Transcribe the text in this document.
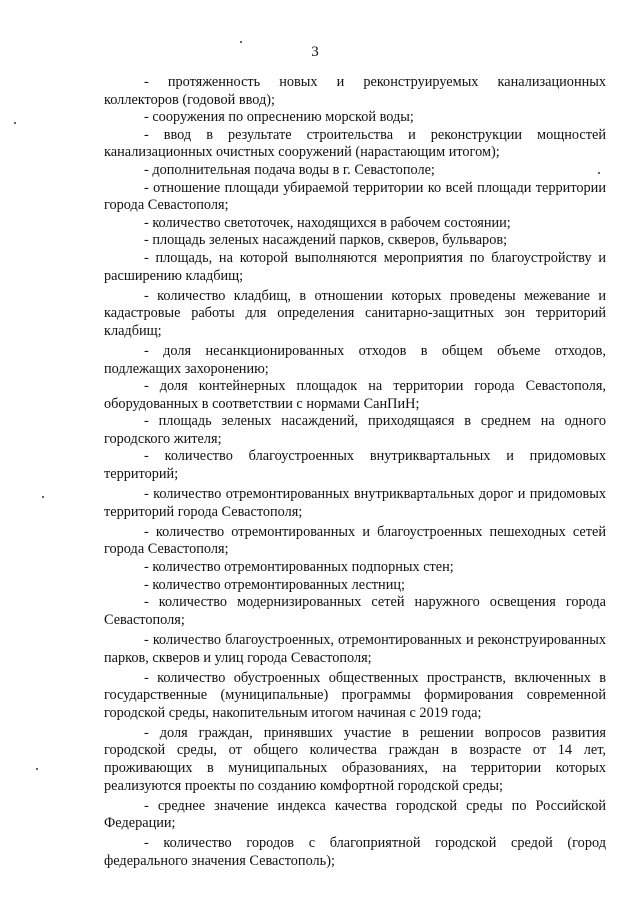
3

- протяженность новых и реконструируемых канализационных коллекторов (годовой ввод);

- сооружения по опреснению морской воды;

- ввод в результате строительства и реконструкции мощностей канализационных очистных сооружений (нарастающим итогом);

- дополнительная подача воды в г. Севастополе;

- отношение площади убираемой территории ко всей площади территории города Севастополя;

- количество светоточек, находящихся в рабочем состоянии;

- площадь зеленых насаждений парков, скверов, бульваров;

- площадь, на которой выполняются мероприятия по благоустройству и расширению кладбищ;

- количество кладбищ, в отношении которых проведены межевание и кадастровые работы для определения санитарно-защитных зон территорий кладбищ;

- доля несанкционированных отходов в общем объеме отходов, подлежащих захоронению;

- доля контейнерных площадок на территории города Севастополя, оборудованных в соответствии с нормами СанПиН;

- площадь зеленых насаждений, приходящаяся в среднем на одного городского жителя;

- количество благоустроенных внутриквартальных и придомовых территорий;

- количество отремонтированных внутриквартальных дорог и придомовых территорий города Севастополя;

- количество отремонтированных и благоустроенных пешеходных сетей города Севастополя;

- количество отремонтированных подпорных стен;

- количество отремонтированных лестниц;

- количество модернизированных сетей наружного освещения города Севастополя;

- количество благоустроенных, отремонтированных и реконструированных парков, скверов и улиц города Севастополя;

- количество обустроенных общественных пространств, включенных в государственные (муниципальные) программы формирования современной городской среды, накопительным итогом начиная с 2019 года;

- доля граждан, принявших участие в решении вопросов развития городской среды, от общего количества граждан в возрасте от 14 лет, проживающих в муниципальных образованиях, на территории которых реализуются проекты по созданию комфортной городской среды;

- среднее значение индекса качества городской среды по Российской Федерации;

- количество городов с благоприятной городской средой (город федерального значения Севастополь);
